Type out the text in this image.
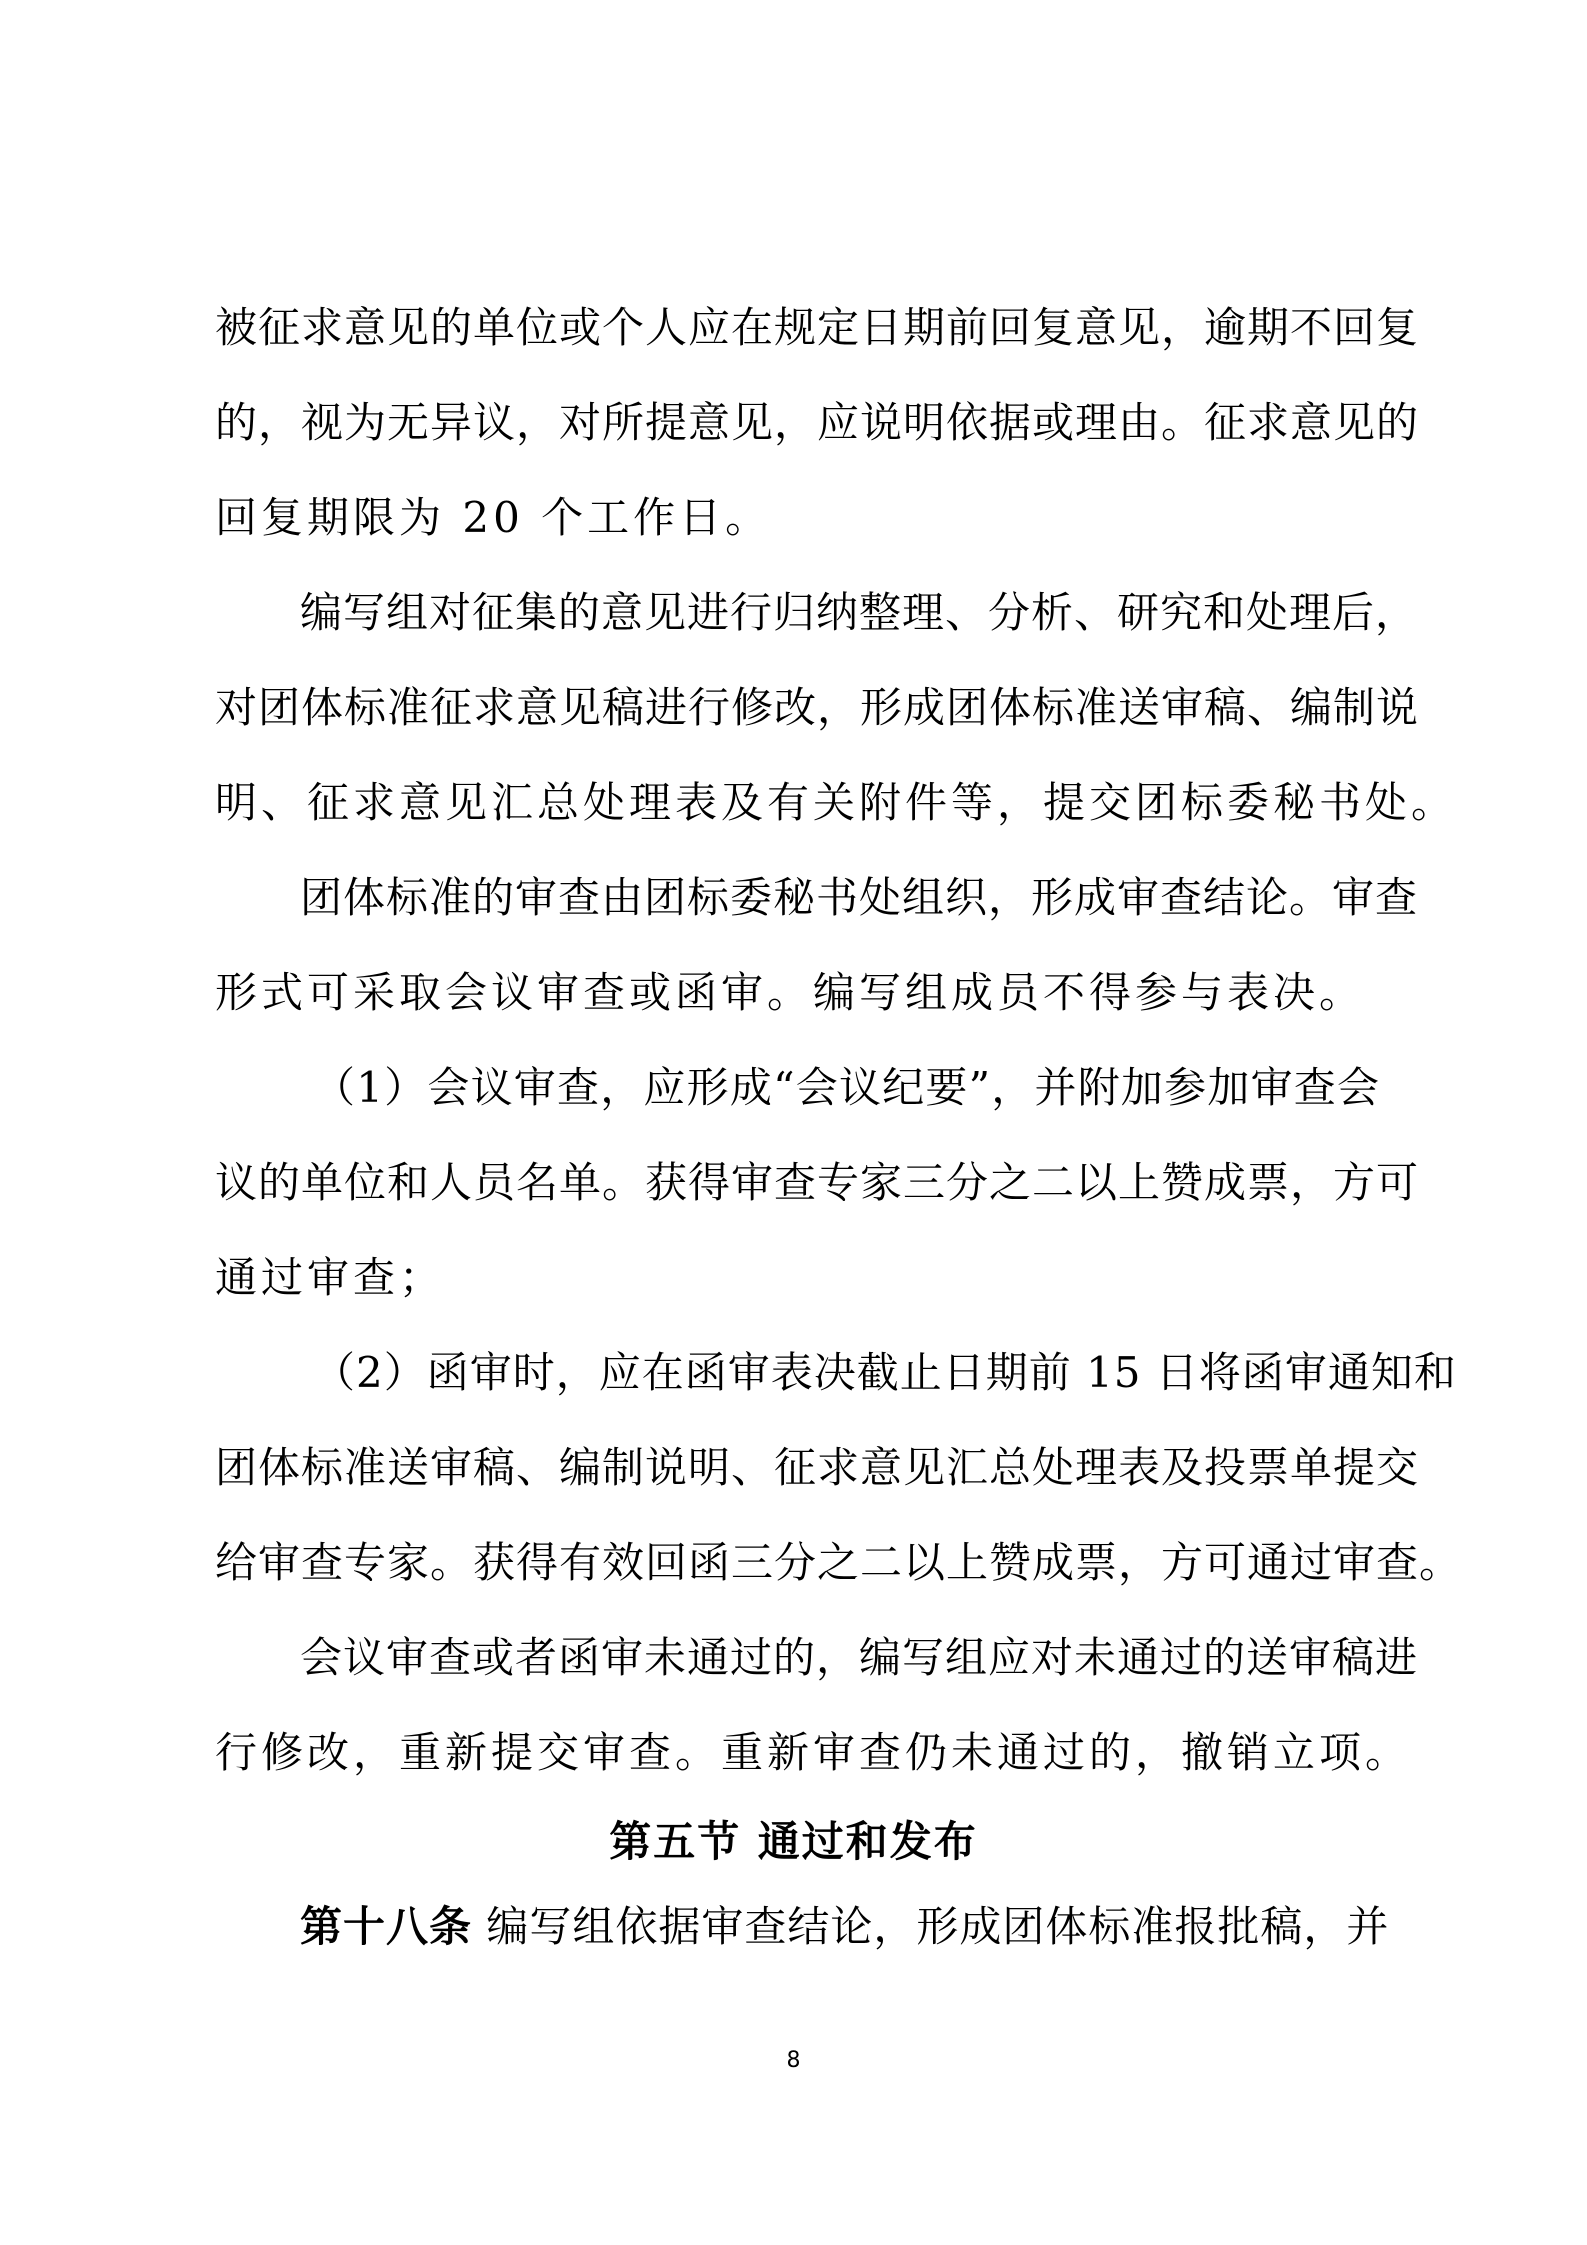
被征求意见的单位或个人应在规定日期前回复意见，逾期不回复
的，视为无异议，对所提意见，应说明依据或理由。征求意见的
回复期限为 20 个工作日。
编写组对征集的意见进行归纳整理、分析、研究和处理后，
对团体标准征求意见稿进行修改，形成团体标准送审稿、编制说
明、征求意见汇总处理表及有关附件等，提交团标委秘书处。
团体标准的审查由团标委秘书处组织，形成审查结论。审查
形式可采取会议审查或函审。编写组成员不得参与表决。
（1）会议审查，应形成“会议纪要”，并附加参加审查会
议的单位和人员名单。获得审查专家三分之二以上赞成票，方可
通过审查；
（2）函审时，应在函审表决截止日期前 15 日将函审通知和
团体标准送审稿、编制说明、征求意见汇总处理表及投票单提交
给审查专家。获得有效回函三分之二以上赞成票，方可通过审查。
会议审查或者函审未通过的，编写组应对未通过的送审稿进
行修改，重新提交审查。重新审查仍未通过的，撤销立项。
第五节 通过和发布
第十八条 编写组依据审查结论，形成团体标准报批稿，并
8
